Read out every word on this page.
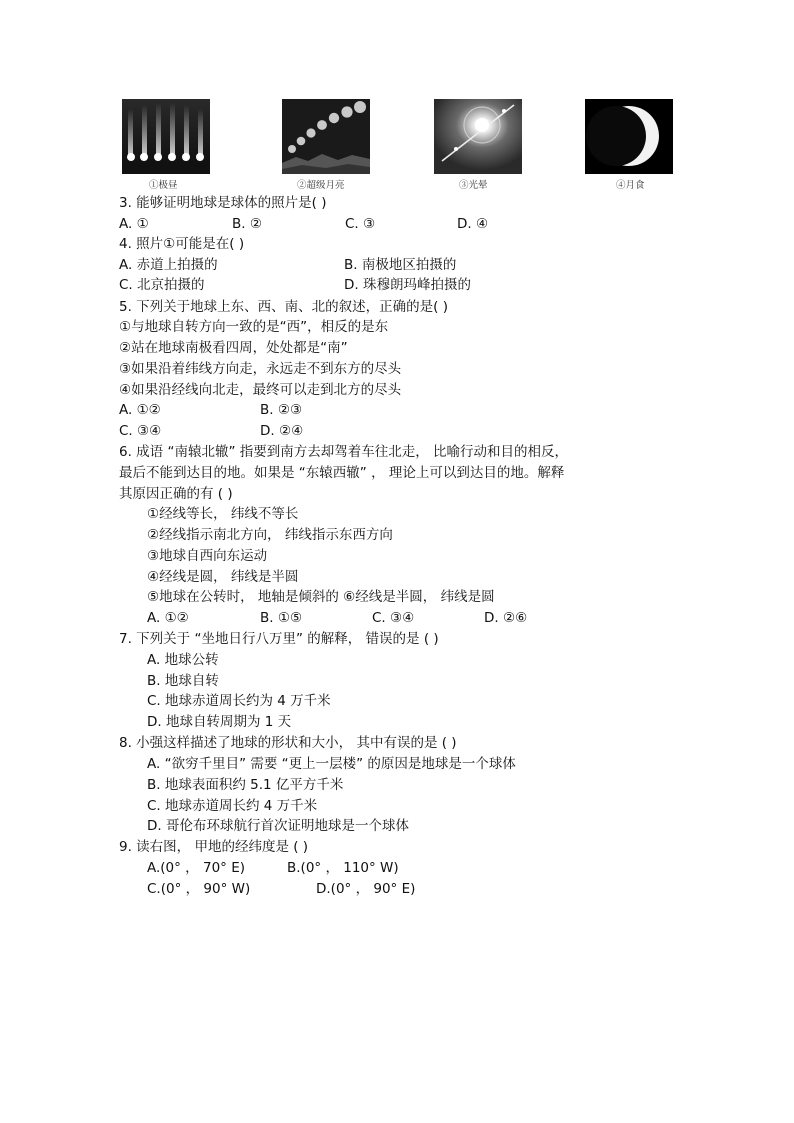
①极昼	②超级月亮	③光晕	④月食
3. 能够证明地球是球体的照片是( )
A. ①	B. ②	C. ③	D. ④
4. 照片①可能是在( )
A. 赤道上拍摄的	B. 南极地区拍摄的
C. 北京拍摄的	D. 珠穆朗玛峰拍摄的
5. 下列关于地球上东、西、南、北的叙述，正确的是( )
①与地球自转方向一致的是“西”，相反的是东
②站在地球南极看四周，处处都是“南”
③如果沿着纬线方向走，永远走不到东方的尽头
④如果沿经线向北走，最终可以走到北方的尽头
A. ①②	B. ②③
C. ③④	D. ②④
6. 成语 “南辕北辙” 指要到南方去却驾着车往北走， 比喻行动和目的相反，
最后不能到达目的地。如果是 “东辕西辙” ， 理论上可以到达目的地。解释
其原因正确的有 ( )
①经线等长， 纬线不等长
②经线指示南北方向， 纬线指示东西方向
③地球自西向东运动
④经线是圆， 纬线是半圆
⑤地球在公转时， 地轴是倾斜的 ⑥经线是半圆， 纬线是圆
A. ①②	B. ①⑤	C. ③④	D. ②⑥
7. 下列关于 “坐地日行八万里” 的解释， 错误的是 ( )
A. 地球公转
B. 地球自转
C. 地球赤道周长约为 4 万千米
D. 地球自转周期为 1 天
8. 小强这样描述了地球的形状和大小， 其中有误的是 ( )
A. “欲穷千里目” 需要 “更上一层楼” 的原因是地球是一个球体
B. 地球表面积约 5.1 亿平方千米
C. 地球赤道周长约 4 万千米
D. 哥伦布环球航行首次证明地球是一个球体
9. 读右图， 甲地的经纬度是 ( )
A.(0° ， 70° E)	B.(0° ， 110° W)
C.(0° ， 90° W)	D.(0° ， 90° E)
